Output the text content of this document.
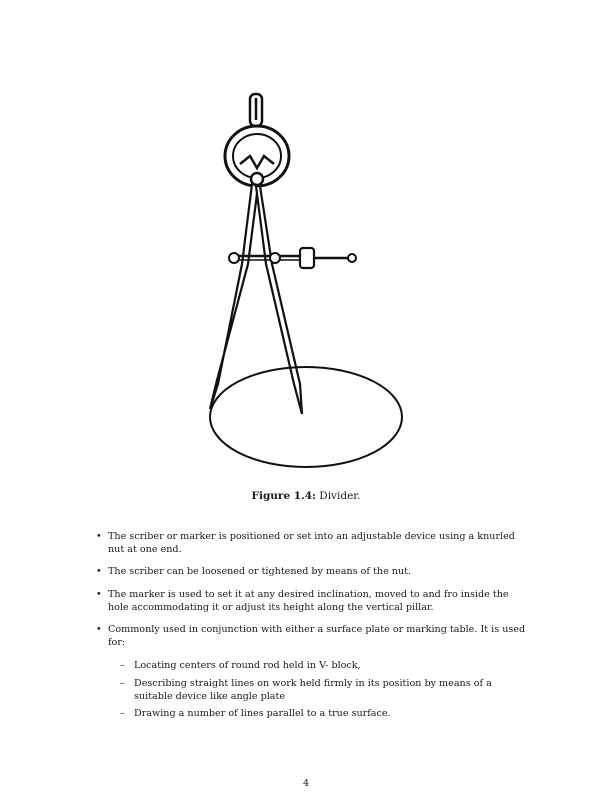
Figure 1.4: Divider.
• The scriber or marker is positioned or set into an adjustable device using a knurled nut at one end.
• The scriber can be loosened or tightened by means of the nut.
• The marker is used to set it at any desired inclination, moved to and fro inside the hole accommodating it or adjust its height along the vertical pillar.
• Commonly used in conjunction with either a surface plate or marking table. It is used for:
– Locating centers of round rod held in V- block,
– Describing straight lines on work held firmly in its position by means of a suitable device like angle plate
– Drawing a number of lines parallel to a true surface.
4
